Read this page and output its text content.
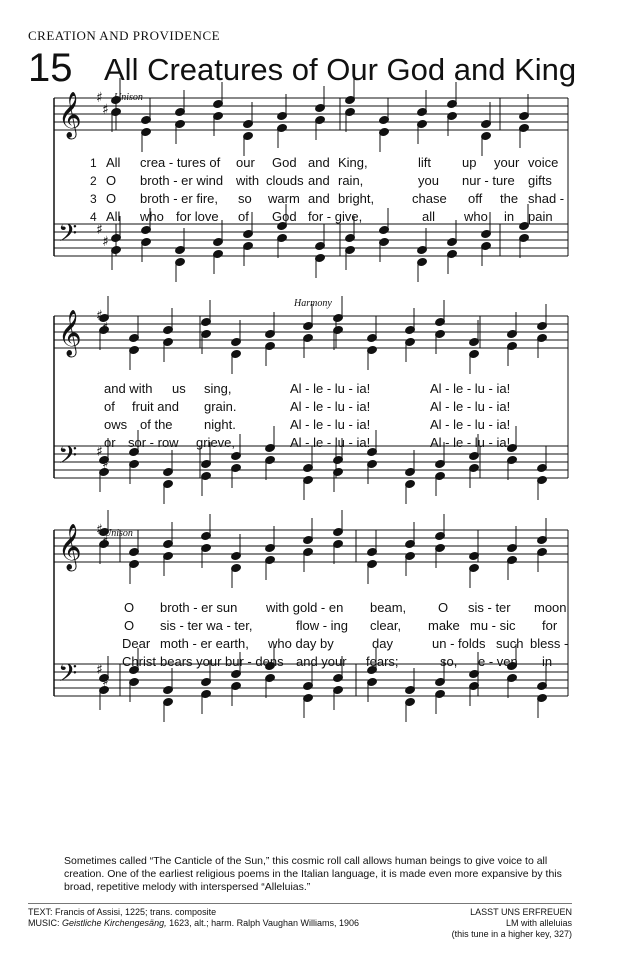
CREATION AND PROVIDENCE
15 All Creatures of Our God and King
♯
♯
𝄞
♯
♯
𝄢
♯
♯
𝄞
♯
♯
𝄢
♯
♯
𝄞
♯
♯
𝄢
Unison
Harmony
Unison
1
2
3
4
All crea - tures of our God and King,	lift up your voice
O broth - er wind with clouds and rain,	you nur - ture gifts
O broth - er fire, so warm and bright,	chase off the shad -
All who for love of God for - give,	all who in pain
and with us sing,	Al - le - lu - ia!	Al - le - lu - ia!
of fruit and grain.	Al - le - lu - ia!	Al - le - lu - ia!
ows of the night.	Al - le - lu - ia!	Al - le - lu - ia!
or sor - row grieve,	Al - le - lu - ia!	Al - le - lu - ia!
O broth - er sun with gold - en beam, O sis - ter moon
O sis - ter wa - ter,	flow - ing clear, make mu - sic for
Dear moth - er earth, who day by	day	un - folds such bless -
Christ bears your bur - dens and your fears;	so, e - ven in
Sometimes called “The Canticle of the Sun,” this cosmic roll call allows human beings to give voice to all creation. One of the earliest religious poems in the Italian language, it is made even more expansive by this broad, repetitive melody with interspersed “Alleluias.”
TEXT: Francis of Assisi, 1225; trans. composite
MUSIC: Geistliche Kirchengesäng, 1623, alt.; harm. Ralph Vaughan Williams, 1906
LASST UNS ERFREUEN
LM with alleluias
(this tune in a higher key, 327)
